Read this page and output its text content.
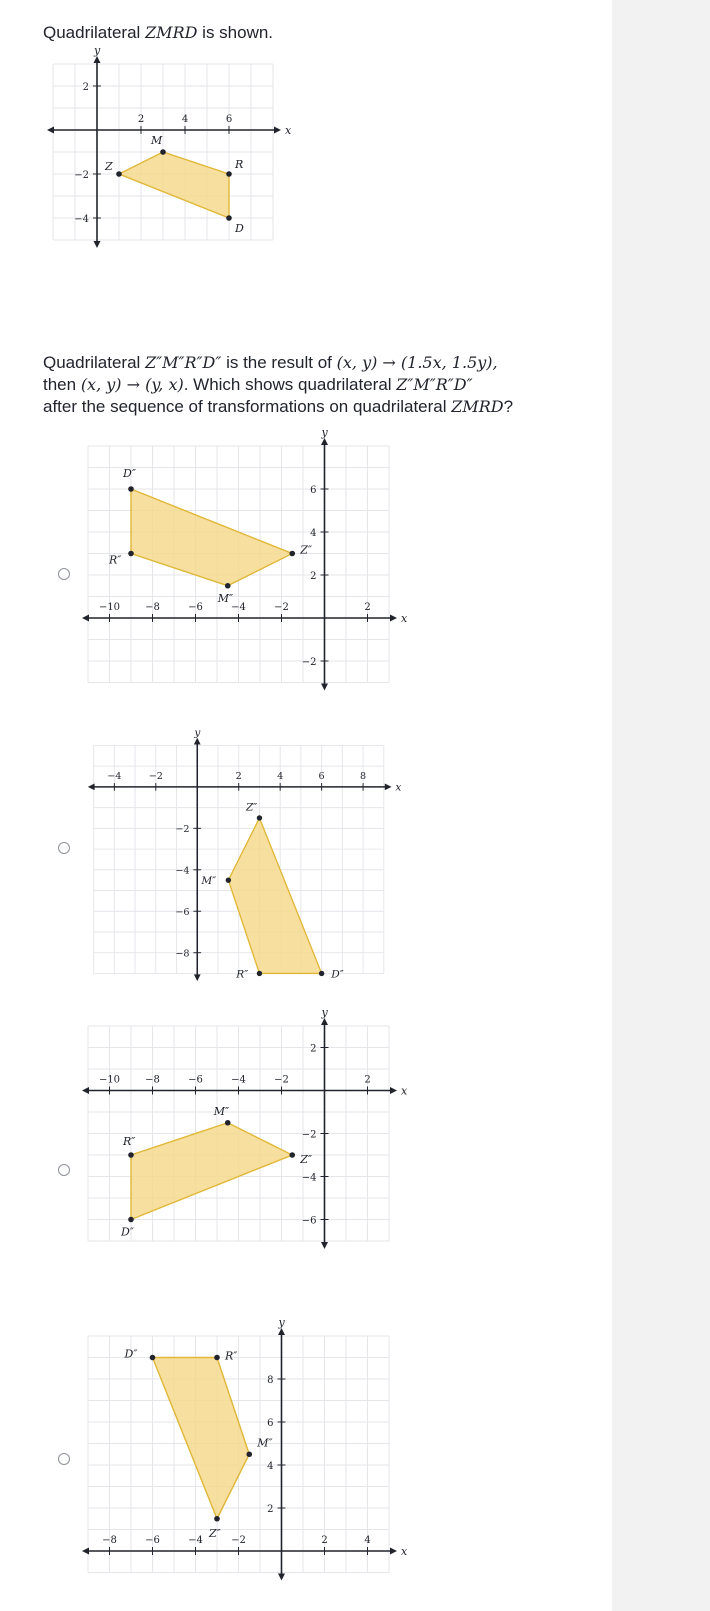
Quadrilateral ZMRD is shown.

x
y
2	4	6
−4
−2
2
Z
M
R
D

Quadrilateral Z″M″R″D″ is the result of (x, y) → (1.5x, 1.5y),
then (x, y) → (y, x). Which shows quadrilateral Z″M″R″D″
after the sequence of transformations on quadrilateral ZMRD?

x
y
−10	−8	−6	−4	−2	2
−2
2
4
6
D″
R″
M″
Z″
x
y
−4	−2	2	4	6	8
−8
−6
−4
−2
Z″
M″
R″	D″
x
y
−10	−8	−6	−4	−2	2
−6
−4
−2
2
M″
Z″
D″
R″
x
y
−8	−6	−4	−2	2	4
2
4
6
8
D″	R″
M″
Z″
